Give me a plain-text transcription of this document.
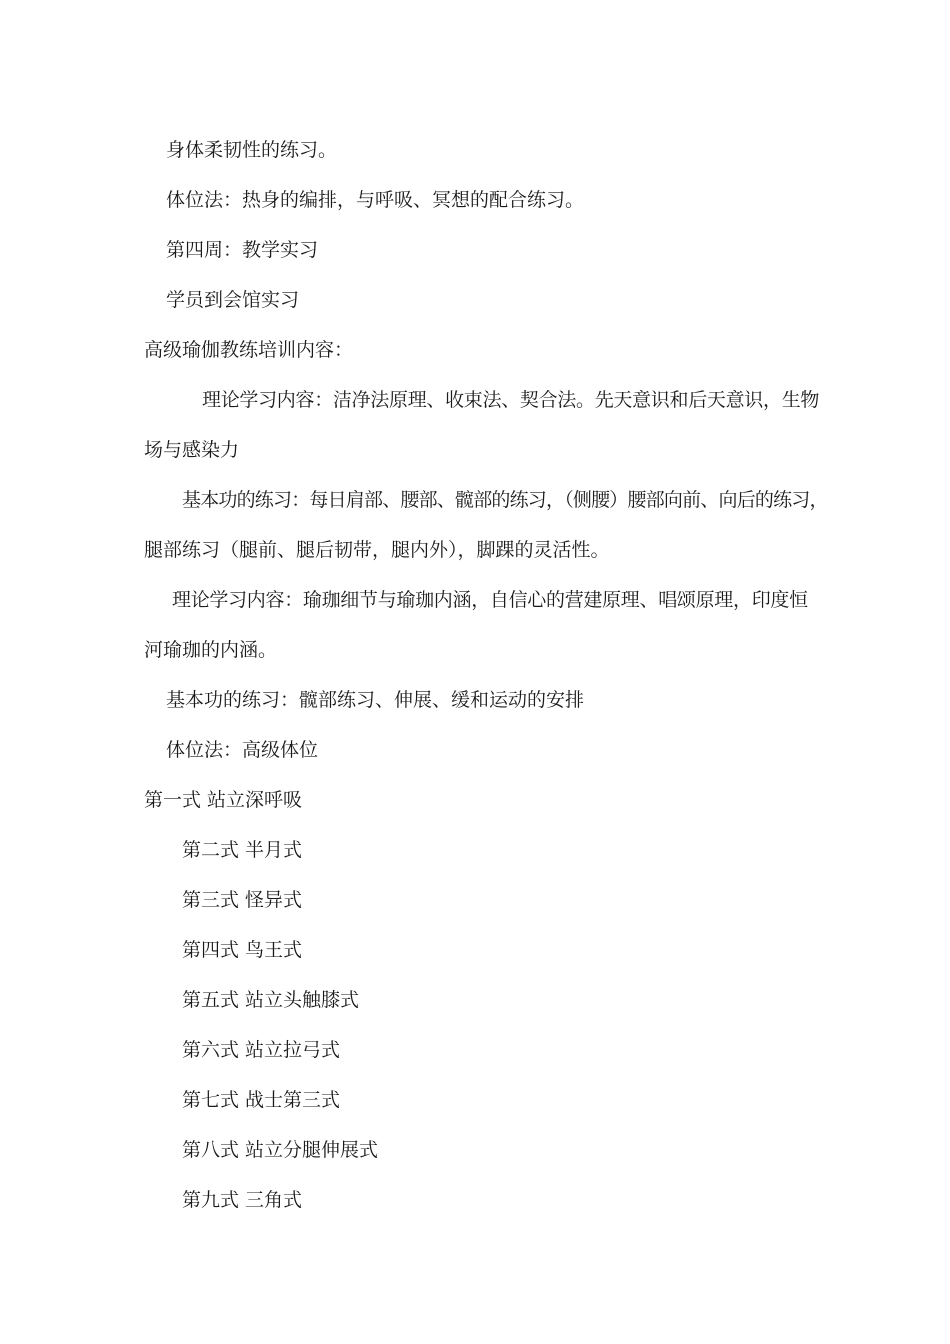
身体柔韧性的练习。
体位法：热身的编排，与呼吸、冥想的配合练习。
第四周：教学实习
学员到会馆实习
高级瑜伽教练培训内容：
理论学习内容：洁净法原理、收束法、契合法。先天意识和后天意识，生物
场与感染力
基本功的练习：每日肩部、腰部、髋部的练习，（侧腰）腰部向前、向后的练习，
腿部练习（腿前、腿后韧带，腿内外），脚踝的灵活性。
理论学习内容：瑜珈细节与瑜珈内涵，自信心的营建原理、唱颂原理，印度恒
河瑜珈的内涵。
基本功的练习：髋部练习、伸展、缓和运动的安排
体位法：高级体位
第一式 站立深呼吸
第二式 半月式
第三式 怪异式
第四式 鸟王式
第五式 站立头触膝式
第六式 站立拉弓式
第七式 战士第三式
第八式 站立分腿伸展式
第九式 三角式
